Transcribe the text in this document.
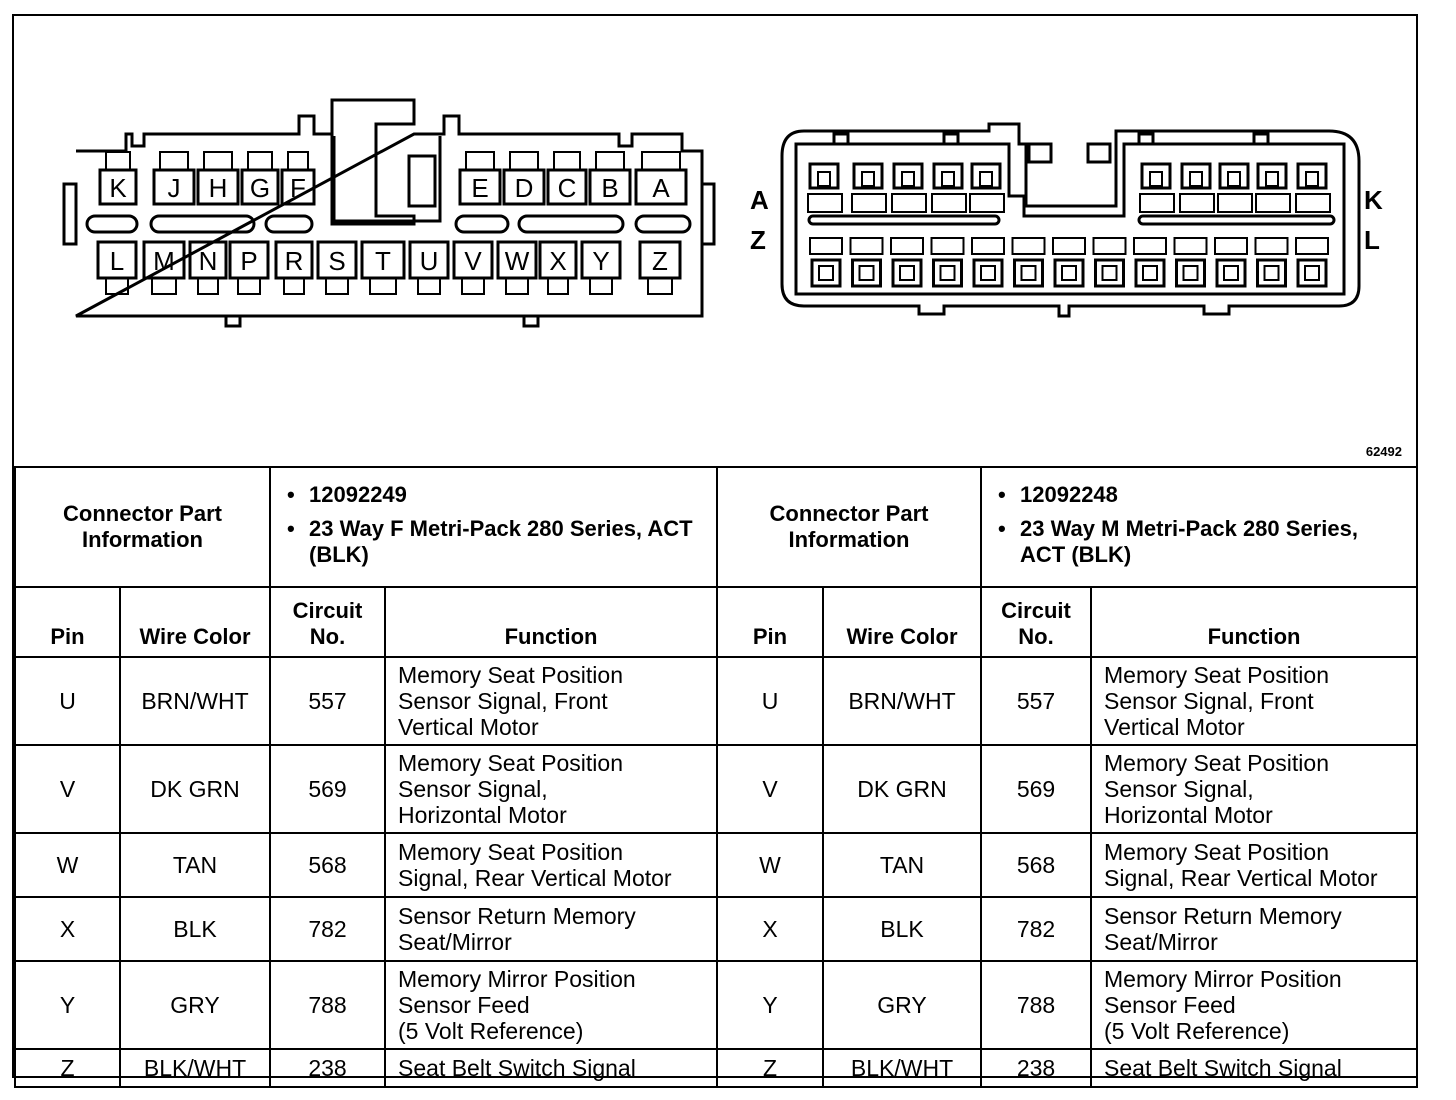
K J H G F	E D C B A
L M N P R S T U V W X Y Z
A
Z
K
L
62492
Connector Part Information		• 12092249
• 23 Way F Metri-Pack 280 Series, ACT (BLK)

Pin	Wire Color	Circuit No.	Function
U	BRN/WHT	557	Memory Seat Position
Sensor Signal, Front
Vertical Motor

V	DK GRN	569	Memory Seat Position
Sensor Signal,
Horizontal Motor

W	TAN	568	Memory Seat Position
Signal, Rear Vertical Motor

X	BLK	782	Sensor Return Memory
Seat/Mirror

Y	GRY	788	Memory Mirror Position
Sensor Feed
(5 Volt Reference)

Z	BLK/WHT	238	Seat Belt Switch Signal
Connector Part Information		• 12092248
• 23 Way M Metri-Pack 280 Series, ACT (BLK)

Pin	Wire Color	Circuit No.	Function
U	BRN/WHT	557	Memory Seat Position
Sensor Signal, Front
Vertical Motor

V	DK GRN	569	Memory Seat Position
Sensor Signal,
Horizontal Motor

W	TAN	568	Memory Seat Position
Signal, Rear Vertical Motor

X	BLK	782	Sensor Return Memory
Seat/Mirror

Y	GRY	788	Memory Mirror Position
Sensor Feed
(5 Volt Reference)

Z	BLK/WHT	238	Seat Belt Switch Signal
